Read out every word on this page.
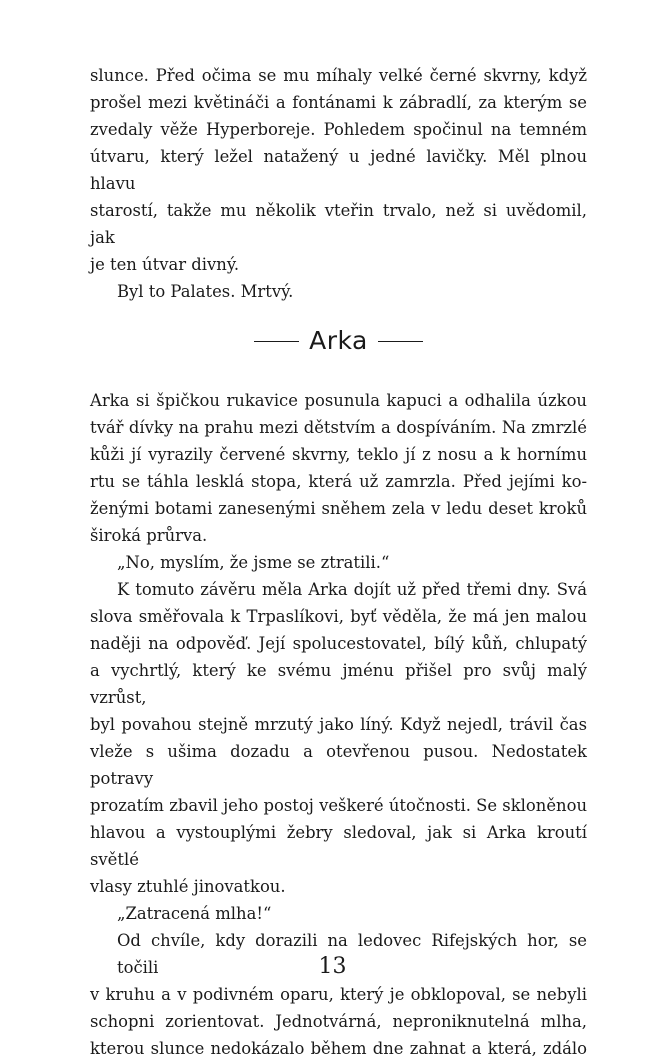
slunce. Před očima se mu míhaly velké černé skvrny, když
prošel mezi květináči a fontánami k zábradlí, za kterým se
zvedaly věže Hyperboreje. Pohledem spočinul na temném
útvaru, který ležel natažený u jedné lavičky. Měl plnou hlavu
starostí, takže mu několik vteřin trvalo, než si uvědomil, jak
je ten útvar divný.

Byl to Palates. Mrtvý.

Arka

Arka si špičkou rukavice posunula kapuci a odhalila úzkou
tvář dívky na prahu mezi dětstvím a dospíváním. Na zmrzlé
kůži jí vyrazily červené skvrny, teklo jí z nosu a k hornímu
rtu se táhla lesklá stopa, která už zamrzla. Před jejími ko-
ženými botami zanesenými sněhem zela v ledu deset kroků
široká průrva.

„No, myslím, že jsme se ztratili.“

K tomuto závěru měla Arka dojít už před třemi dny. Svá
slova směřovala k Trpaslíkovi, byť věděla, že má jen malou
naději na odpověď. Její spolucestovatel, bílý kůň, chlupatý
a vychrtlý, který ke svému jménu přišel pro svůj malý vzrůst,
byl povahou stejně mrzutý jako líný. Když nejedl, trávil čas
vleže s ušima dozadu a otevřenou pusou. Nedostatek potravy
prozatím zbavil jeho postoj veškeré útočnosti. Se skloněnou
hlavou a vystouplými žebry sledoval, jak si Arka kroutí světlé
vlasy ztuhlé jinovatkou.

„Zatracená mlha!“

Od chvíle, kdy dorazili na ledovec Rifejských hor, se točili
v kruhu a v podivném oparu, který je obklopoval, se nebyli
schopni zorientovat. Jednotvárná, neproniknutelná mlha,
kterou slunce nedokázalo během dne zahnat a která, zdálo

13
